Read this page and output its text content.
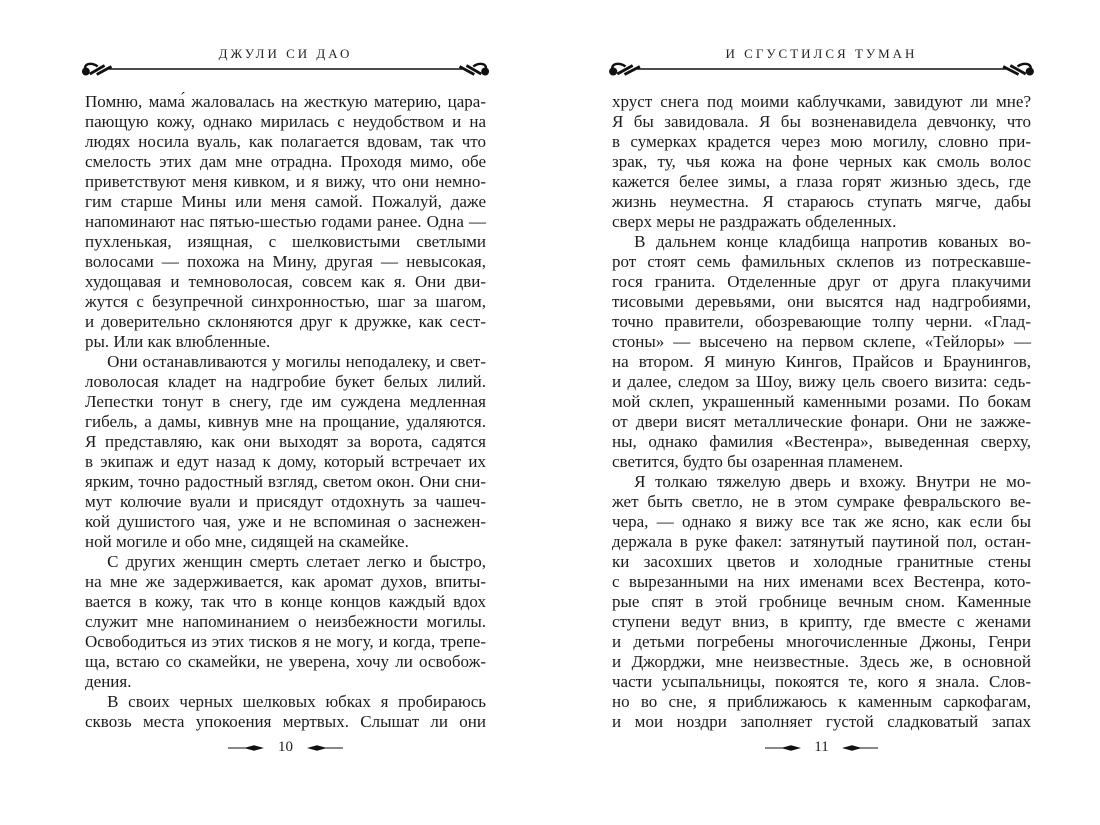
ДЖУЛИ СИ ДАО
Помню, мама́ жаловалась на жесткую материю, цара-
пающую кожу, однако мирилась с неудобством и на
людях носила вуаль, как полагается вдовам, так что
смелость этих дам мне отрадна. Проходя мимо, обе
приветствуют меня кивком, и я вижу, что они немно-
гим старше Мины или меня самой. Пожалуй, даже
напоминают нас пятью-шестью годами ранее. Одна —
пухленькая, изящная, с шелковистыми светлыми
волосами — похожа на Мину, другая — невысокая,
худощавая и темноволосая, совсем как я. Они дви-
жутся с безупречной синхронностью, шаг за шагом,
и доверительно склоняются друг к дружке, как сест-
ры. Или как влюбленные.
Они останавливаются у могилы неподалеку, и свет-
ловолосая кладет на надгробие букет белых лилий.
Лепестки тонут в снегу, где им суждена медленная
гибель, а дамы, кивнув мне на прощание, удаляются.
Я представляю, как они выходят за ворота, садятся
в экипаж и едут назад к дому, который встречает их
ярким, точно радостный взгляд, светом окон. Они сни-
мут колючие вуали и присядут отдохнуть за чашеч-
кой душистого чая, уже и не вспоминая о заснежен-
ной могиле и обо мне, сидящей на скамейке.
С других женщин смерть слетает легко и быстро,
на мне же задерживается, как аромат духов, впиты-
вается в кожу, так что в конце концов каждый вдох
служит мне напоминанием о неизбежности могилы.
Освободиться из этих тисков я не могу, и когда, трепе-
ща, встаю со скамейки, не уверена, хочу ли освобож-
дения.
В своих черных шелковых юбках я пробираюсь
сквозь места упокоения мертвых. Слышат ли они
10
И СГУСТИЛСЯ ТУМАН
хруст снега под моими каблучками, завидуют ли мне?
Я бы завидовала. Я бы возненавидела девчонку, что
в сумерках крадется через мою могилу, словно при-
зрак, ту, чья кожа на фоне черных как смоль волос
кажется белее зимы, а глаза горят жизнью здесь, где
жизнь неуместна. Я стараюсь ступать мягче, дабы
сверх меры не раздражать обделенных.
В дальнем конце кладбища напротив кованых во-
рот стоят семь фамильных склепов из потрескавше-
гося гранита. Отделенные друг от друга плакучими
тисовыми деревьями, они высятся над надгробиями,
точно правители, обозревающие толпу черни. «Глад-
стоны» — высечено на первом склепе, «Тейлоры» —
на втором. Я миную Кингов, Прайсов и Браунингов,
и далее, следом за Шоу, вижу цель своего визита: седь-
мой склеп, украшенный каменными розами. По бокам
от двери висят металлические фонари. Они не зажже-
ны, однако фамилия «Вестенра», выведенная сверху,
светится, будто бы озаренная пламенем.
Я толкаю тяжелую дверь и вхожу. Внутри не мо-
жет быть светло, не в этом сумраке февральского ве-
чера, — однако я вижу все так же ясно, как если бы
держала в руке факел: затянутый паутиной пол, остан-
ки засохших цветов и холодные гранитные стены
с вырезанными на них именами всех Вестенра, кото-
рые спят в этой гробнице вечным сном. Каменные
ступени ведут вниз, в крипту, где вместе с женами
и детьми погребены многочисленные Джоны, Генри
и Джорджи, мне неизвестные. Здесь же, в основной
части усыпальницы, покоятся те, кого я знала. Слов-
но во сне, я приближаюсь к каменным саркофагам,
и мои ноздри заполняет густой сладковатый запах
11
